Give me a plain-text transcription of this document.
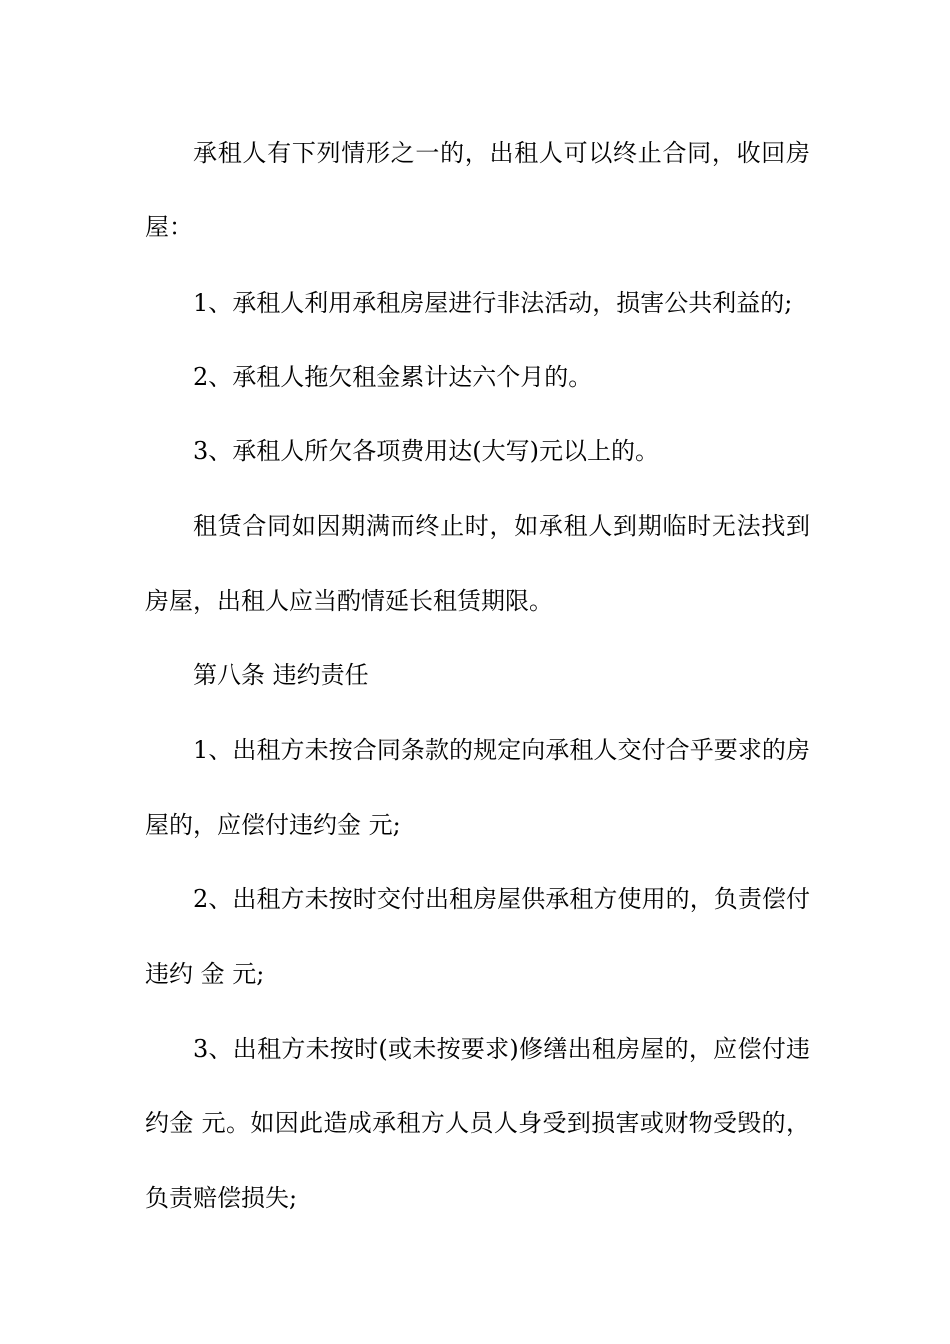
承租人有下列情形之一的，出租人可以终止合同，收回房
屋：
1、承租人利用承租房屋进行非法活动，损害公共利益的;
2、承租人拖欠租金累计达六个月的。
3、承租人所欠各项费用达(大写)元以上的。
租赁合同如因期满而终止时，如承租人到期临时无法找到
房屋，出租人应当酌情延长租赁期限。
第八条 违约责任
1、出租方未按合同条款的规定向承租人交付合乎要求的房
屋的，应偿付违约金 元;
2、出租方未按时交付出租房屋供承租方使用的，负责偿付
违约 金 元;
3、出租方未按时(或未按要求)修缮出租房屋的，应偿付违
约金 元。如因此造成承租方人员人身受到损害或财物受毁的，
负责赔偿损失;
